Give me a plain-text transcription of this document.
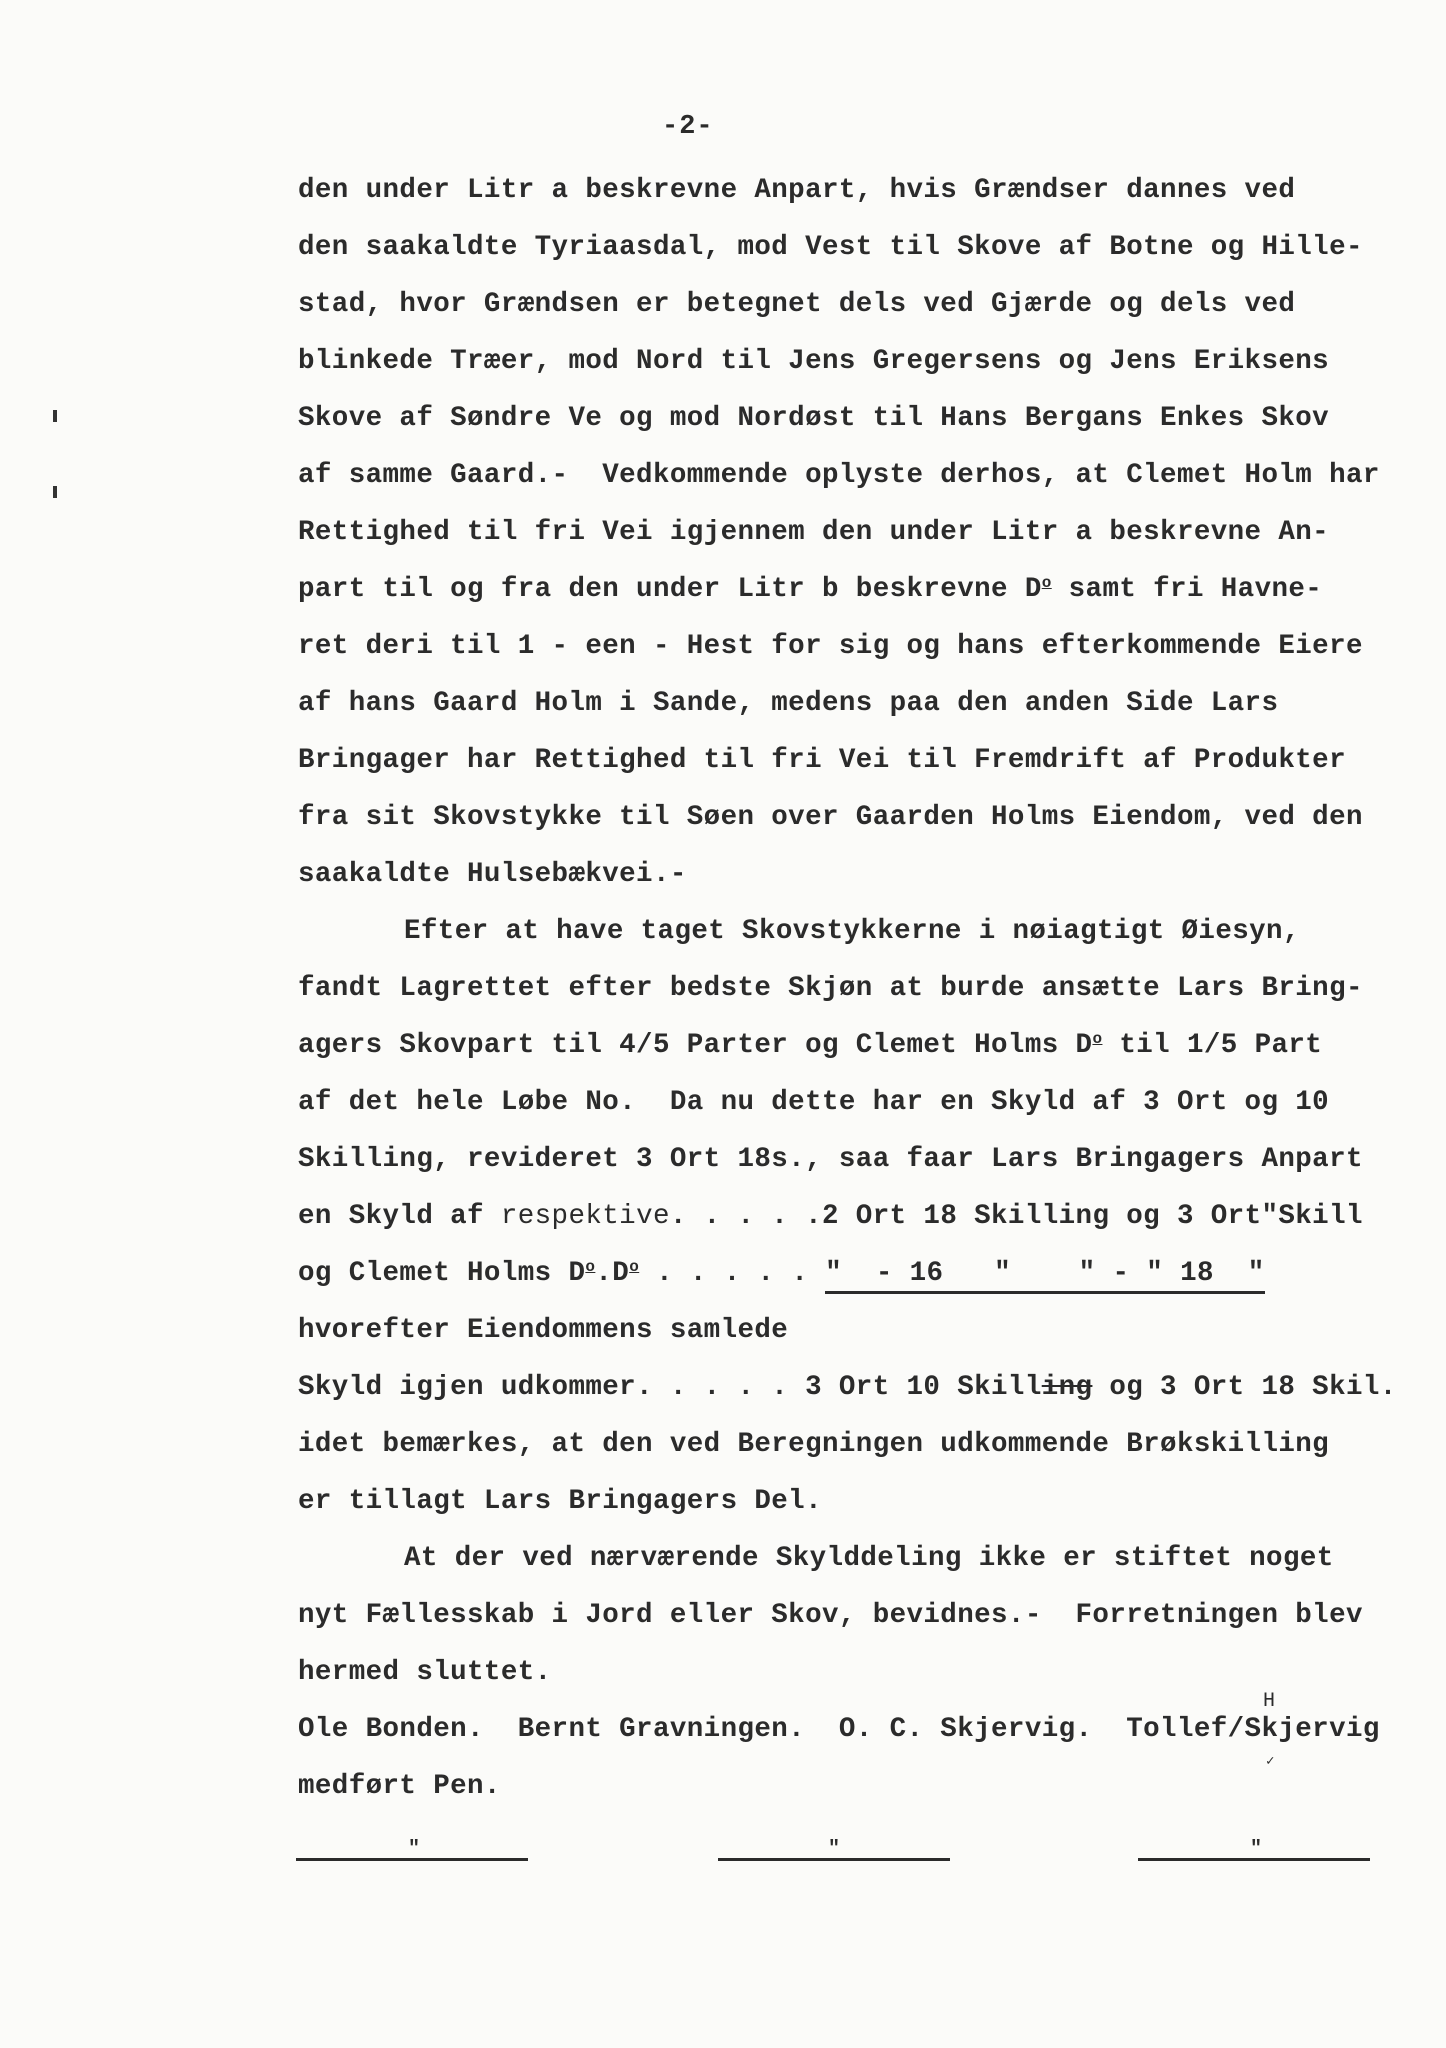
-2-
den under Litr a beskrevne Anpart, hvis Grændser dannes ved
den saakaldte Tyriaasdal, mod Vest til Skove af Botne og Hille-
stad, hvor Grændsen er betegnet dels ved Gjærde og dels ved
blinkede Træer, mod Nord til Jens Gregersens og Jens Eriksens
Skove af Søndre Ve og mod Nordøst til Hans Bergans Enkes Skov
af samme Gaard.-  Vedkommende oplyste derhos, at Clemet Holm har
Rettighed til fri Vei igjennem den under Litr a beskrevne An-
part til og fra den under Litr b beskrevne $D^o$ samt fri Havne-
ret deri til 1 - een - Hest for sig og hans efterkommende Eiere
af hans Gaard Holm i Sande, medens paa den anden Side Lars
Bringager har Rettighed til fri Vei til Fremdrift af Produkter
fra sit Skovstykke til Søen over Gaarden Holms Eiendom, ved den
saakaldte Hulsebækvei.-
Efter at have taget Skovstykkerne i nøiagtigt Øiesyn,
fandt Lagrettet efter bedste Skjøn at burde ansætte Lars Bring-
agers Skovpart til 4/5 Parter og Clemet Holms $D^o$ til 1/5 Part
af det hele Løbe No.  Da nu dette har en Skyld af 3 Ort og 10
Skilling, revideret 3 Ort 18s., saa faar Lars Bringagers Anpart
en Skyld af respektive. . . . .2 Ort 18 Skilling og 3 Ort"Skill
og Clemet Holms $D^o.D^o$ . . . . . "  - 16   "    " - " 18  "
hvorefter Eiendommens samlede
Skyld igjen udkommer. . . . . 3 Ort 10 Skilling og 3 Ort 18 Skil.
idet bemærkes, at den ved Beregningen udkommende Brøkskilling
er tillagt Lars Bringagers Del.
At der ved nærværende Skylddeling ikke er stiftet noget
nyt Fællesskab i Jord eller Skov, bevidnes.-  Forretningen blev
hermed sluttet.
Ole Bonden.  Bernt Gravningen.  O. C. Skjervig.  Tollef/Skjervig
medført Pen.
H
✓
"	"	"
